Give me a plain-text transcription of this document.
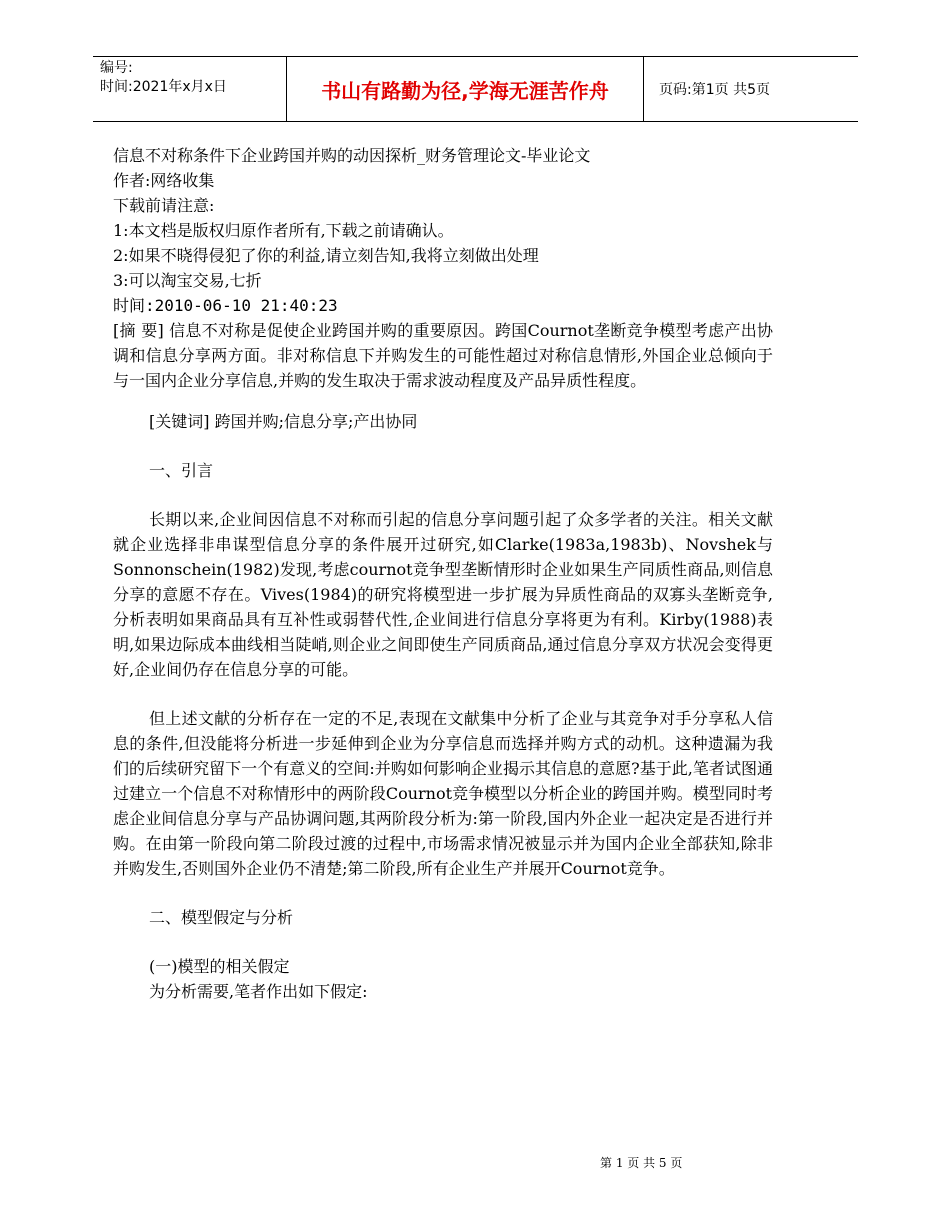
编号:
时间:2021年x月x日	书山有路勤为径,学海无涯苦作舟	页码:第1页 共5页
信息不对称条件下企业跨国并购的动因探析_财务管理论文-毕业论文
作者:网络收集
下载前请注意:
1:本文档是版权归原作者所有,下载之前请确认。
2:如果不晓得侵犯了你的利益,请立刻告知,我将立刻做出处理
3:可以淘宝交易,七折
时间:2010-06-10 21:40:23

[摘 要] 信息不对称是促使企业跨国并购的重要原因。跨国Cournot垄断竞争模型考虑产出协调和信息分享两方面。非对称信息下并购发生的可能性超过对称信息情形,外国企业总倾向于与一国内企业分享信息,并购的发生取决于需求波动程度及产品异质性程度。

[关键词] 跨国并购;信息分享;产出协同

一、引言

长期以来,企业间因信息不对称而引起的信息分享问题引起了众多学者的关注。相关文献就企业选择非串谋型信息分享的条件展开过研究,如Clarke(1983a,1983b)、Novshek与Sonnonschein(1982)发现,考虑cournot竞争型垄断情形时企业如果生产同质性商品,则信息分享的意愿不存在。Vives(1984)的研究将模型进一步扩展为异质性商品的双寡头垄断竞争,分析表明如果商品具有互补性或弱替代性,企业间进行信息分享将更为有利。Kirby(1988)表明,如果边际成本曲线相当陡峭,则企业之间即使生产同质商品,通过信息分享双方状况会变得更好,企业间仍存在信息分享的可能。

但上述文献的分析存在一定的不足,表现在文献集中分析了企业与其竞争对手分享私人信息的条件,但没能将分析进一步延伸到企业为分享信息而选择并购方式的动机。这种遗漏为我们的后续研究留下一个有意义的空间:并购如何影响企业揭示其信息的意愿?基于此,笔者试图通过建立一个信息不对称情形中的两阶段Cournot竞争模型以分析企业的跨国并购。模型同时考虑企业间信息分享与产品协调问题,其两阶段分析为:第一阶段,国内外企业一起决定是否进行并购。在由第一阶段向第二阶段过渡的过程中,市场需求情况被显示并为国内企业全部获知,除非并购发生,否则国外企业仍不清楚;第二阶段,所有企业生产并展开Cournot竞争。

二、模型假定与分析

(一)模型的相关假定

为分析需要,笔者作出如下假定:

第 1 页 共 5 页
